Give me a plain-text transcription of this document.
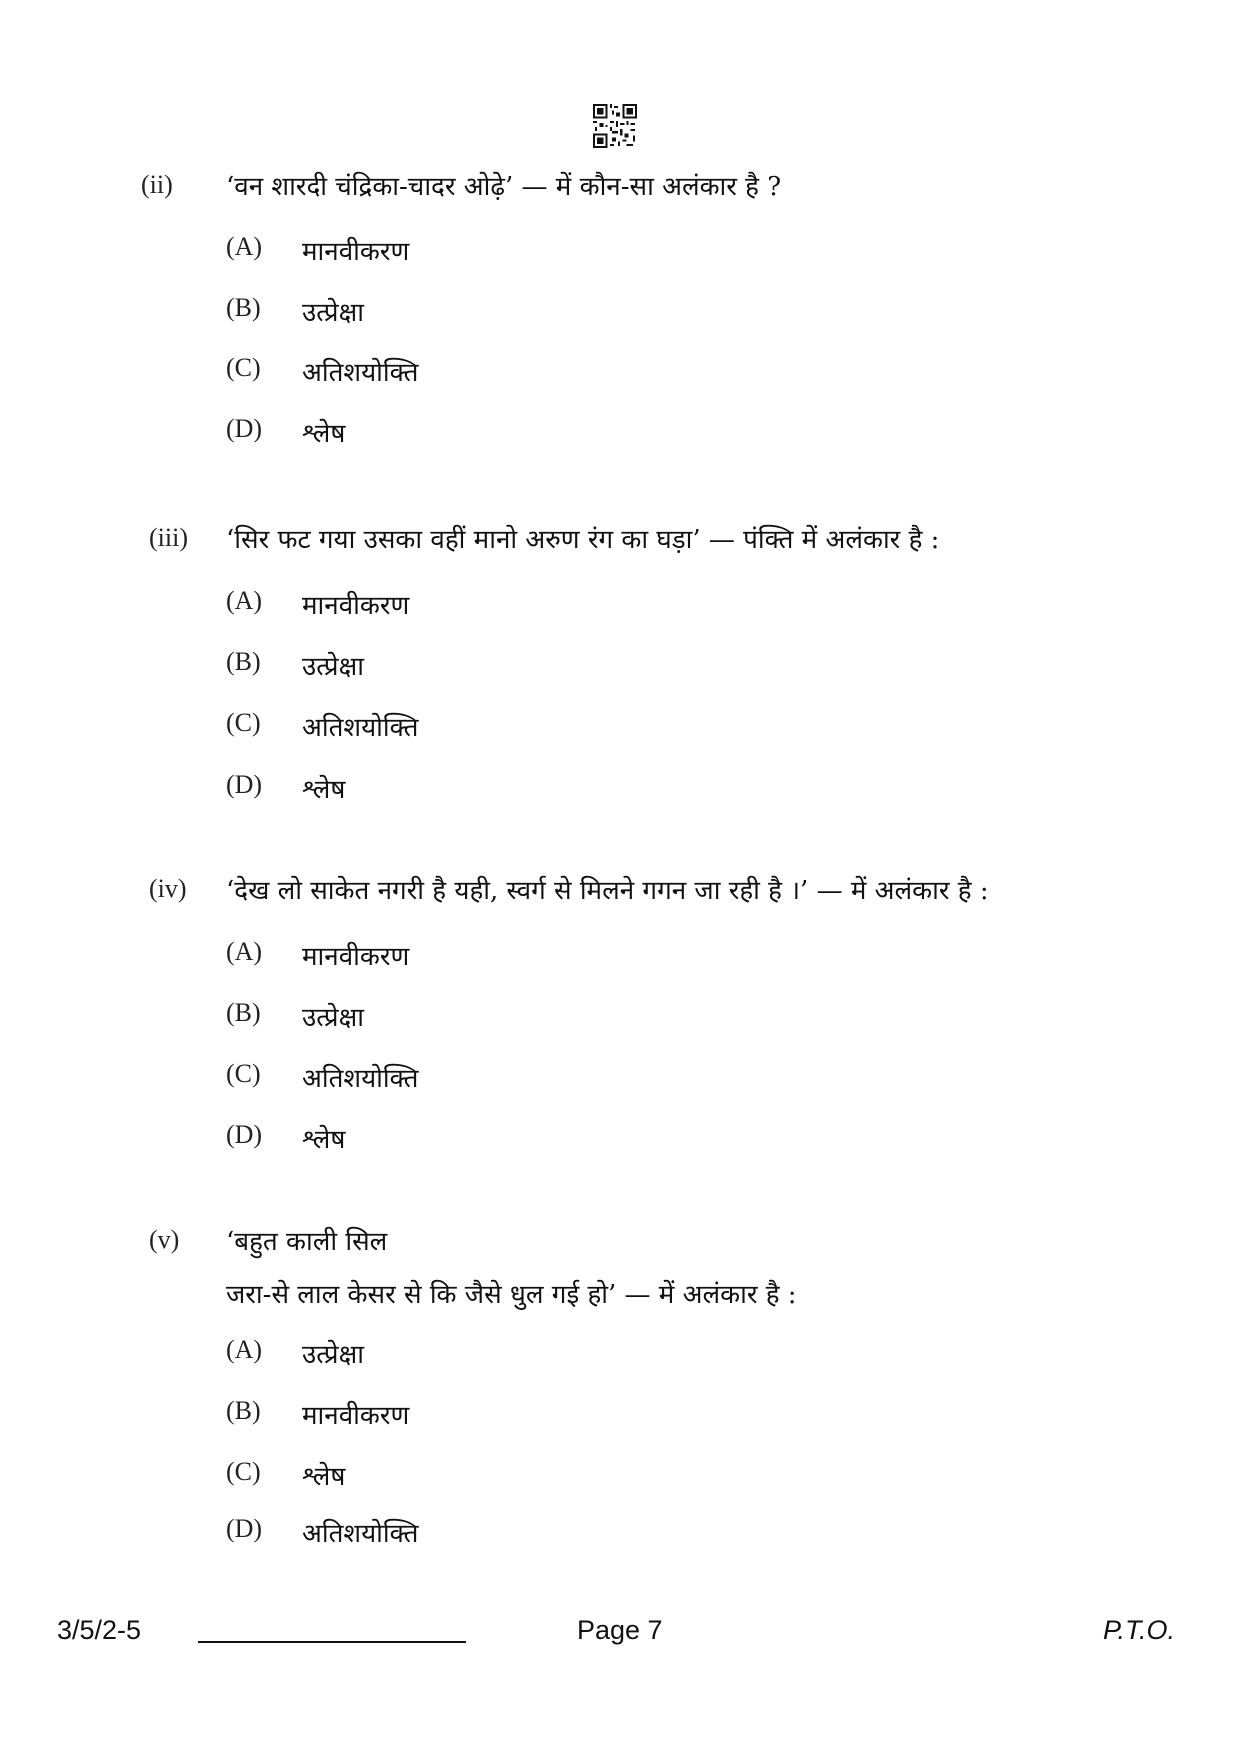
(ii) ‘वन शारदी चंद्रिका-चादर ओढ़े’ — में कौन-सा अलंकार है ?
(A) मानवीकरण
(B) उत्प्रेक्षा
(C) अतिशयोक्ति
(D) श्लेष
(iii) ‘सिर फट गया उसका वहीं मानो अरुण रंग का घड़ा’ — पंक्ति में अलंकार है :
(A) मानवीकरण
(B) उत्प्रेक्षा
(C) अतिशयोक्ति
(D) श्लेष
(iv) ‘देख लो साकेत नगरी है यही, स्वर्ग से मिलने गगन जा रही है ।’ — में अलंकार है :
(A) मानवीकरण
(B) उत्प्रेक्षा
(C) अतिशयोक्ति
(D) श्लेष
(v) ‘बहुत काली सिल
जरा-से लाल केसर से कि जैसे धुल गई हो’ — में अलंकार है :
(A) उत्प्रेक्षा
(B) मानवीकरण
(C) श्लेष
(D) अतिशयोक्ति
3/5/2-5	Page 7	P.T.O.
